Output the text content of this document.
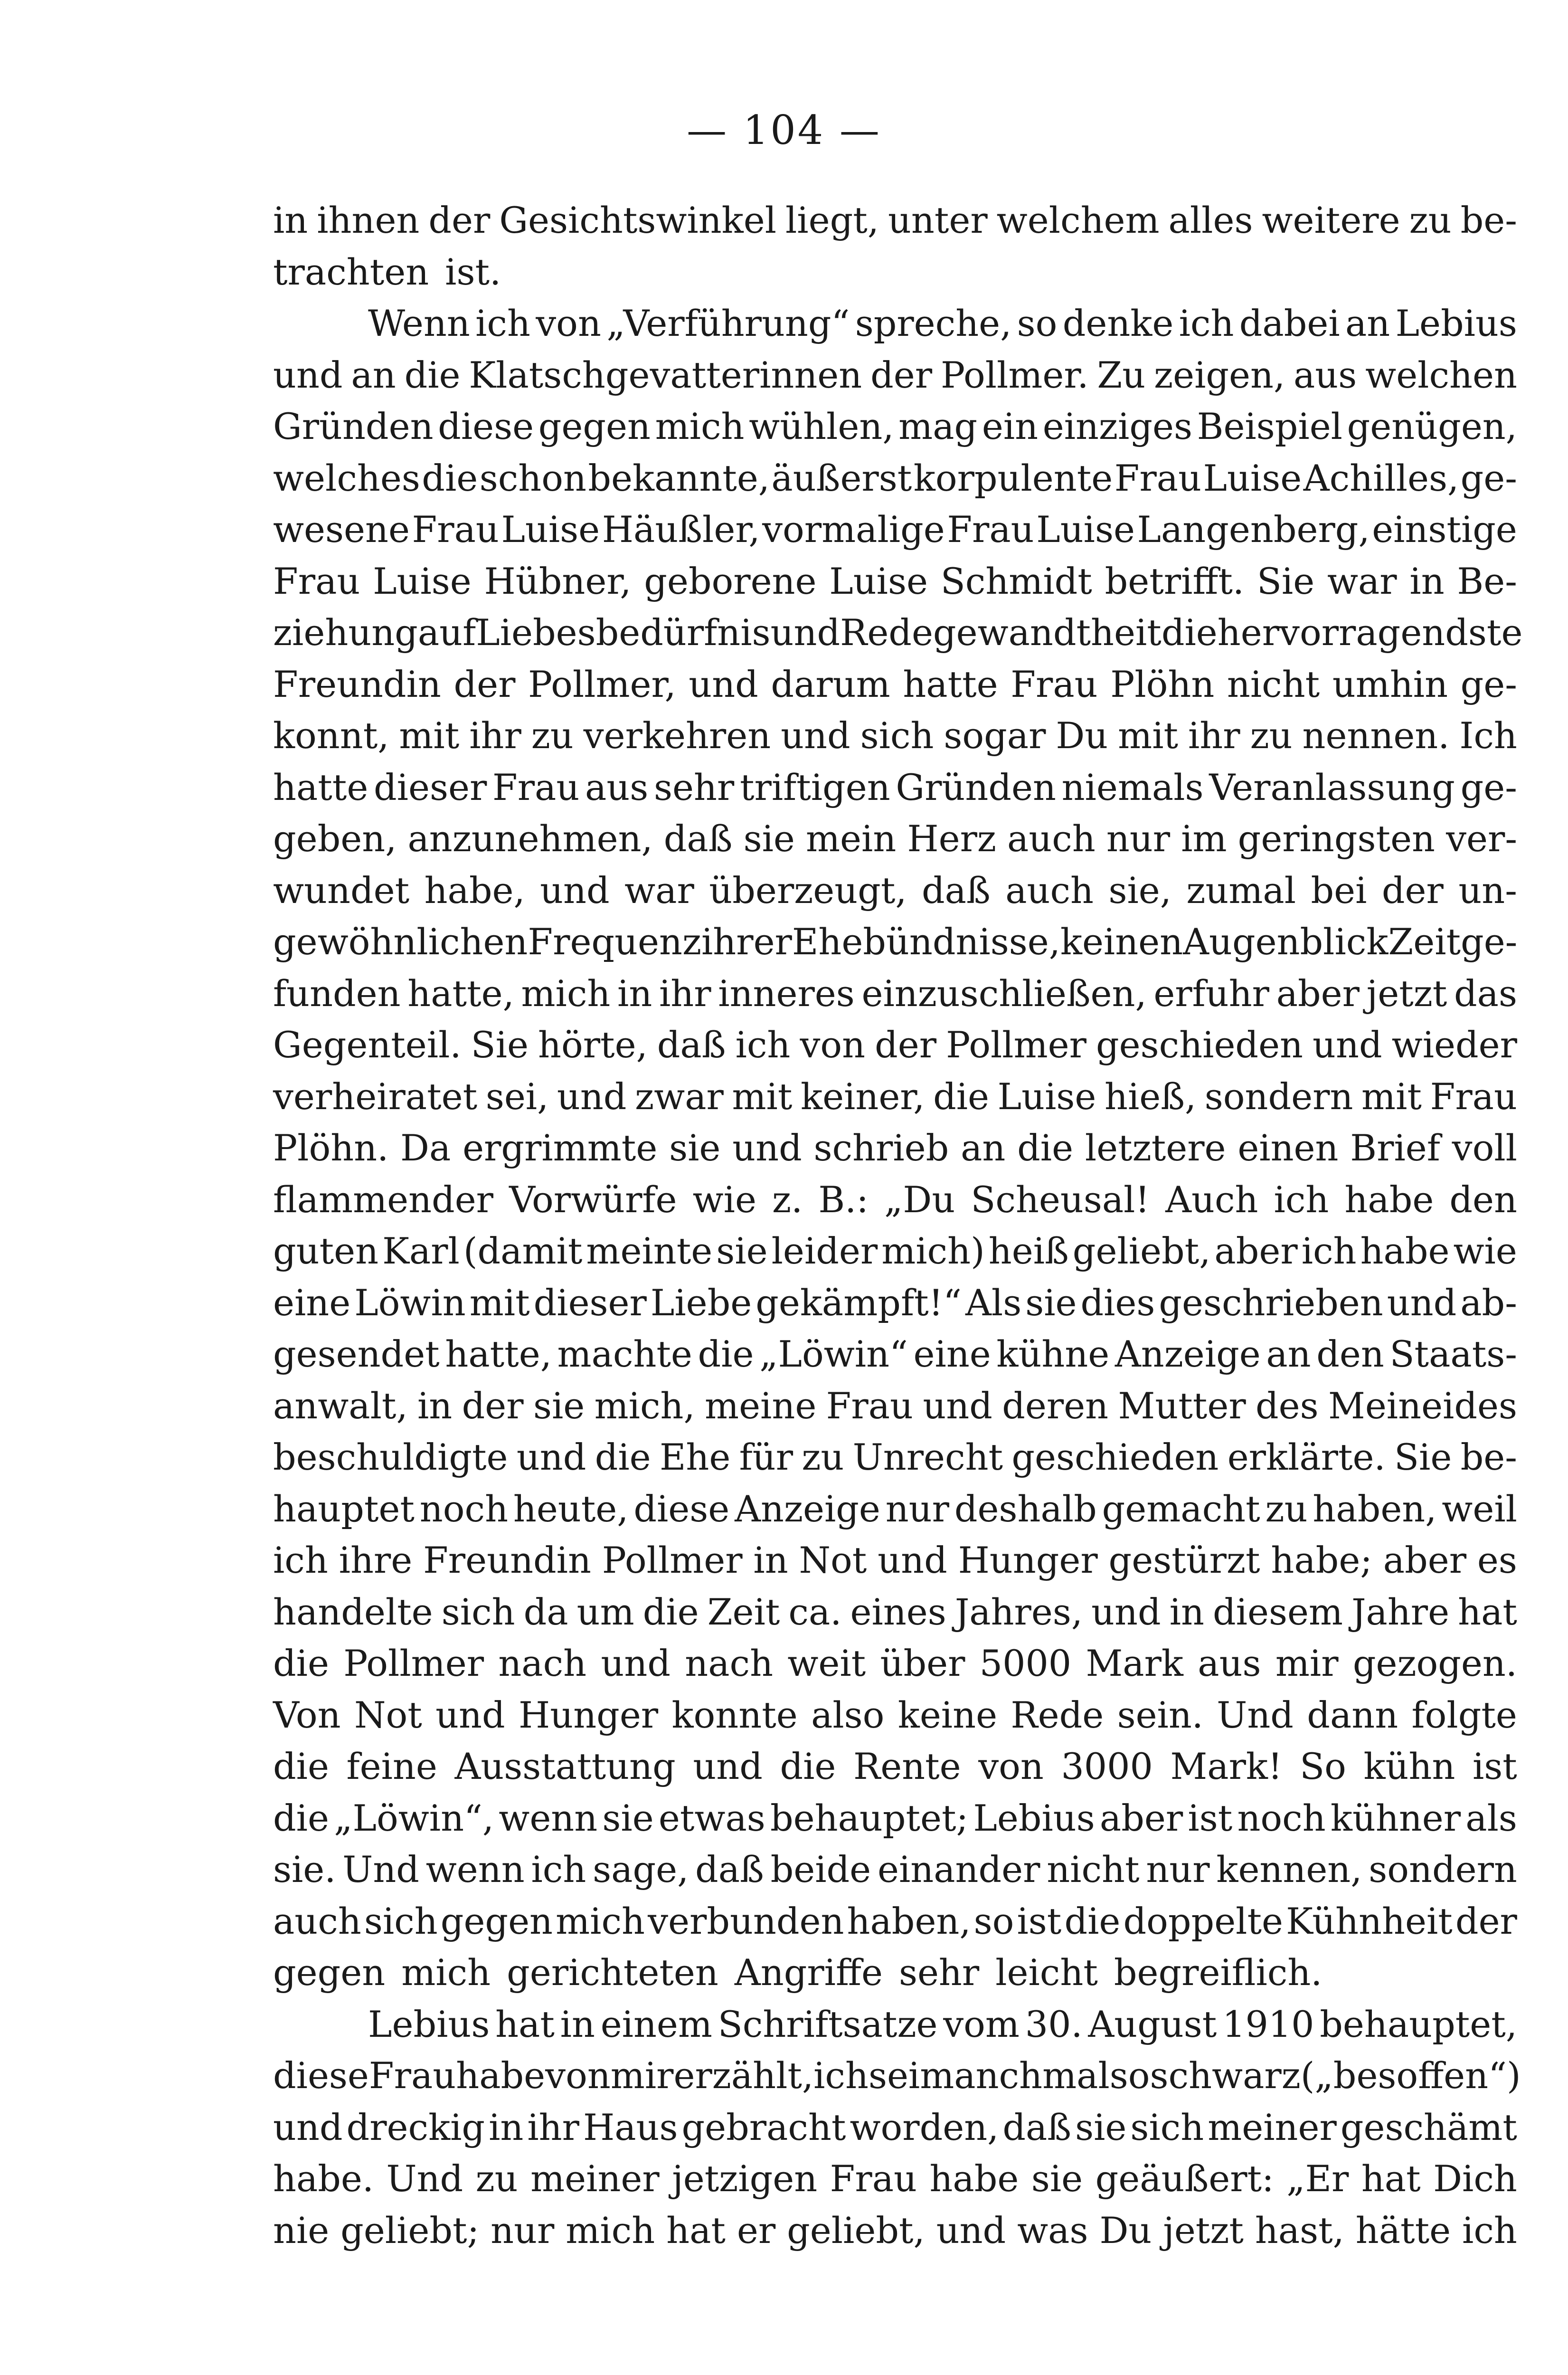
— 104 —
in ihnen der Gesichtswinkel liegt, unter welchem alles weitere zu be-
trachten ist.
Wenn ich von „Verführung“ spreche, so denke ich dabei an Lebius
und an die Klatschgevatterinnen der Pollmer. Zu zeigen, aus welchen
Gründen diese gegen mich wühlen, mag ein einziges Beispiel genügen,
welches die schon bekannte, äußerst korpulente Frau Luise Achilles, ge-
wesene Frau Luise Häußler, vormalige Frau Luise Langenberg, einstige
Frau Luise Hübner, geborene Luise Schmidt betrifft. Sie war in Be-
ziehung auf Liebesbedürfnis und Redegewandtheit die hervorragendste
Freundin der Pollmer, und darum hatte Frau Plöhn nicht umhin ge-
konnt, mit ihr zu verkehren und sich sogar Du mit ihr zu nennen. Ich
hatte dieser Frau aus sehr triftigen Gründen niemals Veranlassung ge-
geben, anzunehmen, daß sie mein Herz auch nur im geringsten ver-
wundet habe, und war überzeugt, daß auch sie, zumal bei der un-
gewöhnlichen Frequenz ihrer Ehebündnisse, keinen Augenblick Zeit ge-
funden hatte, mich in ihr inneres einzuschließen, erfuhr aber jetzt das
Gegenteil. Sie hörte, daß ich von der Pollmer geschieden und wieder
verheiratet sei, und zwar mit keiner, die Luise hieß, sondern mit Frau
Plöhn. Da ergrimmte sie und schrieb an die letztere einen Brief voll
flammender Vorwürfe wie z. B.: „Du Scheusal! Auch ich habe den
guten Karl (damit meinte sie leider mich) heiß geliebt, aber ich habe wie
eine Löwin mit dieser Liebe gekämpft!“ Als sie dies geschrieben und ab-
gesendet hatte, machte die „Löwin“ eine kühne Anzeige an den Staats-
anwalt, in der sie mich, meine Frau und deren Mutter des Meineides
beschuldigte und die Ehe für zu Unrecht geschieden erklärte. Sie be-
hauptet noch heute, diese Anzeige nur deshalb gemacht zu haben, weil
ich ihre Freundin Pollmer in Not und Hunger gestürzt habe; aber es
handelte sich da um die Zeit ca. eines Jahres, und in diesem Jahre hat
die Pollmer nach und nach weit über 5000 Mark aus mir gezogen.
Von Not und Hunger konnte also keine Rede sein. Und dann folgte
die feine Ausstattung und die Rente von 3000 Mark! So kühn ist
die „Löwin“, wenn sie etwas behauptet; Lebius aber ist noch kühner als
sie. Und wenn ich sage, daß beide einander nicht nur kennen, sondern
auch sich gegen mich verbunden haben, so ist die doppelte Kühnheit der
gegen mich gerichteten Angriffe sehr leicht begreiflich.
Lebius hat in einem Schriftsatze vom 30. August 1910 behauptet,
diese Frau habe von mir erzählt, ich sei manchmal so schwarz („besoffen“)
und dreckig in ihr Haus gebracht worden, daß sie sich meiner geschämt
habe. Und zu meiner jetzigen Frau habe sie geäußert: „Er hat Dich
nie geliebt; nur mich hat er geliebt, und was Du jetzt hast, hätte ich
